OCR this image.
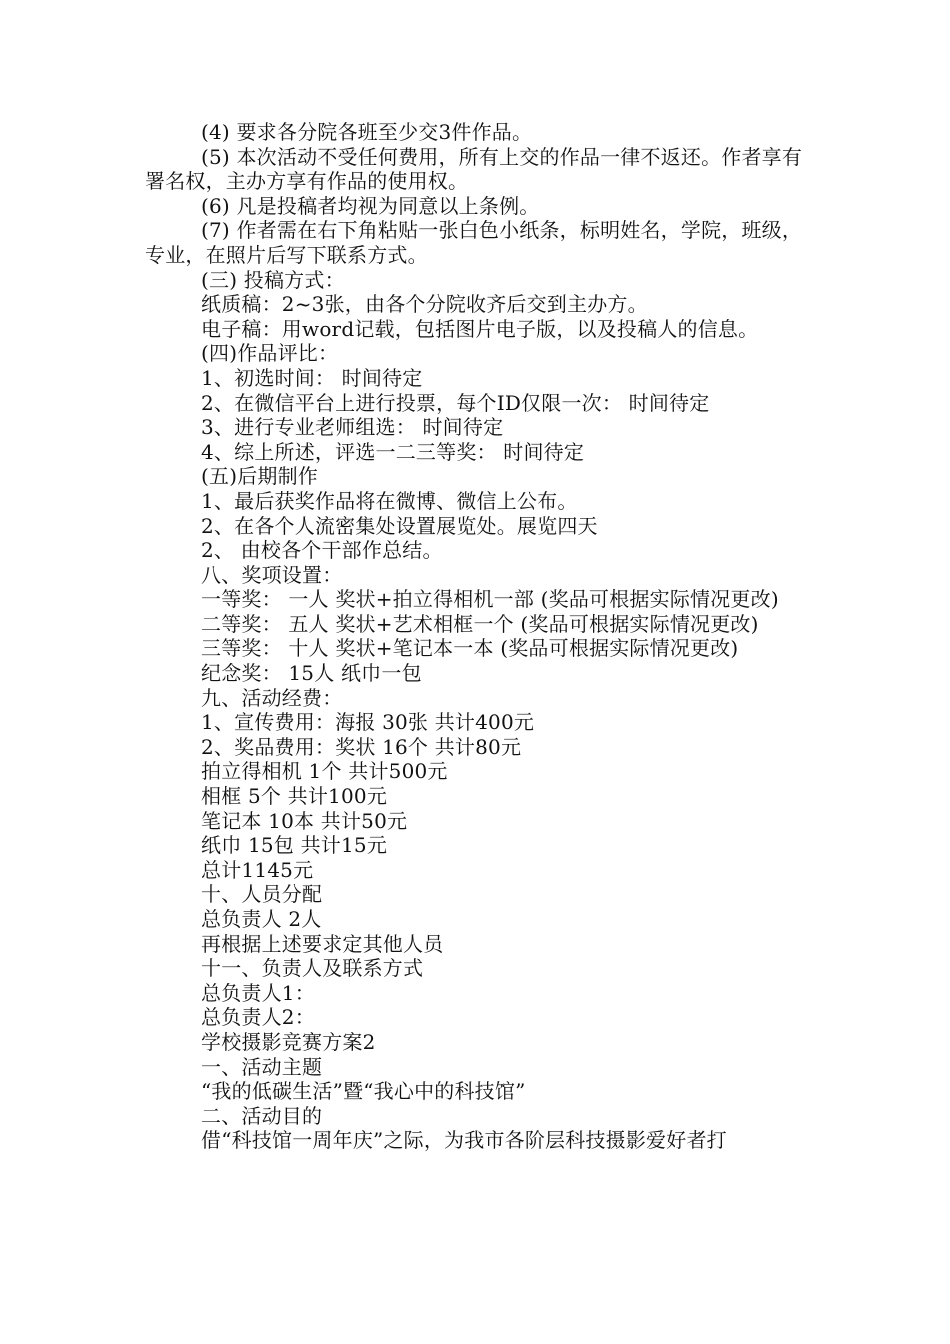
(4) 要求各分院各班至少交3件作品。
(5) 本次活动不受任何费用，所有上交的作品一律不返还。作者享有署名权，主办方享有作品的使用权。
(6) 凡是投稿者均视为同意以上条例。
(7) 作者需在右下角粘贴一张白色小纸条，标明姓名，学院，班级，专业，在照片后写下联系方式。
(三) 投稿方式：
纸质稿：2~3张，由各个分院收齐后交到主办方。
电子稿：用word记载，包括图片电子版，以及投稿人的信息。
(四)作品评比：
1、初选时间： 时间待定
2、在微信平台上进行投票，每个ID仅限一次： 时间待定
3、进行专业老师组选： 时间待定
4、综上所述，评选一二三等奖： 时间待定
(五)后期制作
1、最后获奖作品将在微博、微信上公布。
2、在各个人流密集处设置展览处。展览四天
2、 由校各个干部作总结。
八、奖项设置：
一等奖： 一人 奖状+拍立得相机一部 (奖品可根据实际情况更改)
二等奖： 五人 奖状+艺术相框一个 (奖品可根据实际情况更改)
三等奖： 十人 奖状+笔记本一本 (奖品可根据实际情况更改)
纪念奖： 15人 纸巾一包
九、活动经费：
1、宣传费用：海报 30张 共计400元
2、奖品费用：奖状 16个 共计80元
拍立得相机 1个 共计500元
相框 5个 共计100元
笔记本 10本 共计50元
纸巾 15包 共计15元
总计1145元
十、人员分配
总负责人 2人
再根据上述要求定其他人员
十一、负责人及联系方式
总负责人1：
总负责人2：
学校摄影竞赛方案2
一、活动主题
“我的低碳生活”暨“我心中的科技馆”
二、活动目的
借“科技馆一周年庆”之际，为我市各阶层科技摄影爱好者打
